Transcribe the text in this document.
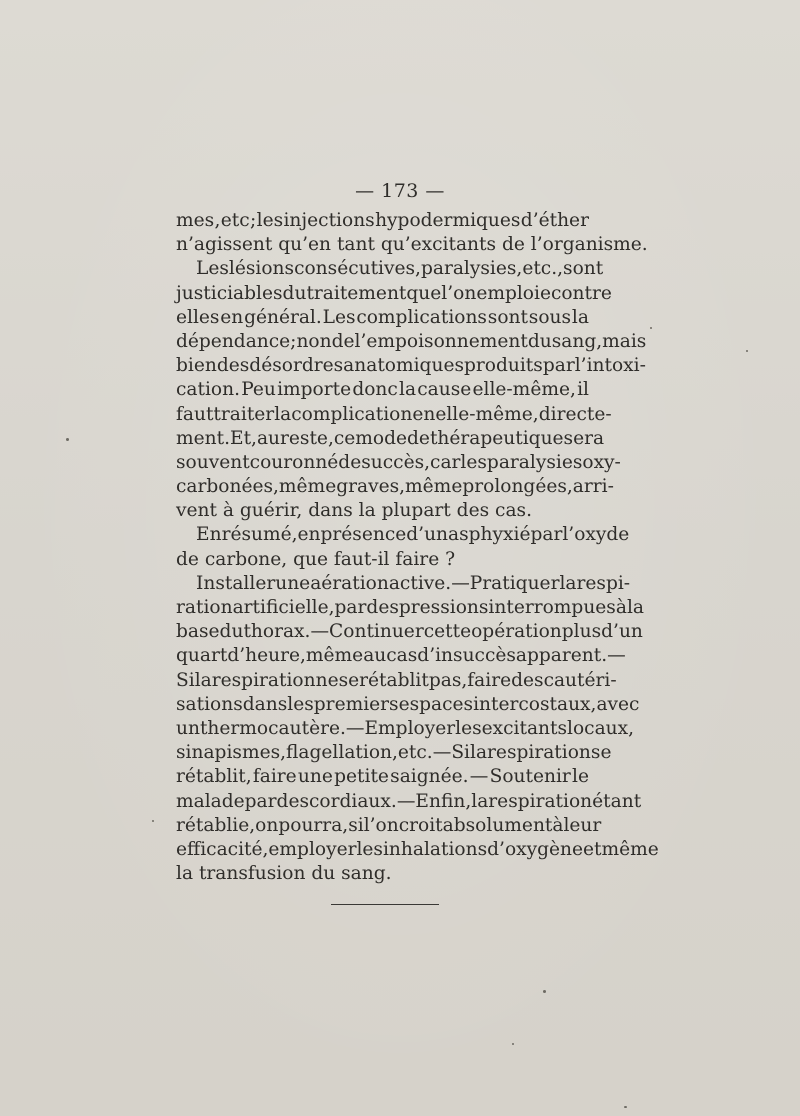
— 173 —
mes , etc ; les injections hypodermiques d’éther
n’agissent qu’en tant qu’excitants de l’organisme.
Les lésions consécutives, paralysies, etc., sont
justiciables du traitement que l’on emploie contre
elles en général. Les complications sont sous la
dépendance; non de l’empoisonnement du sang, mais
bien des désordres anatomiques produits par l’intoxi-
cation. Peu importe donc la cause elle-même, il
faut traiter la complication en elle-même, directe-
ment. Et, au reste, ce mode de thérapeutique sera
souvent couronné de succès, car les paralysies oxy-
carbonées, même graves, même prolongées, arri-
vent à guérir, dans la plupart des cas.
En résumé, en présence d’un asphyxié par l’oxyde
de carbone, que faut-il faire ?
Installer une aération active. — Pratiquer la respi-
ration artificielle, par des pressions interrompues à la
base du thorax. — Continuer cette opération plus d’un
quart d’heure, même au cas d’insuccès apparent. —
Si la respiration ne se rétablit pas, faire des cautéri-
sations dans les premiers espaces intercostaux, avec
un thermocautère. — Employer les excitants locaux,
sinapismes, flagellation, etc. — Si la respiration se
rétablit, faire une petite saignée. — Soutenir le
malade par des cordiaux. — Enfin, la respiration étant
rétablie, on pourra, si l’on croit absolument à leur
efficacité, employer les inhalations d’oxygène et même
la transfusion du sang.
